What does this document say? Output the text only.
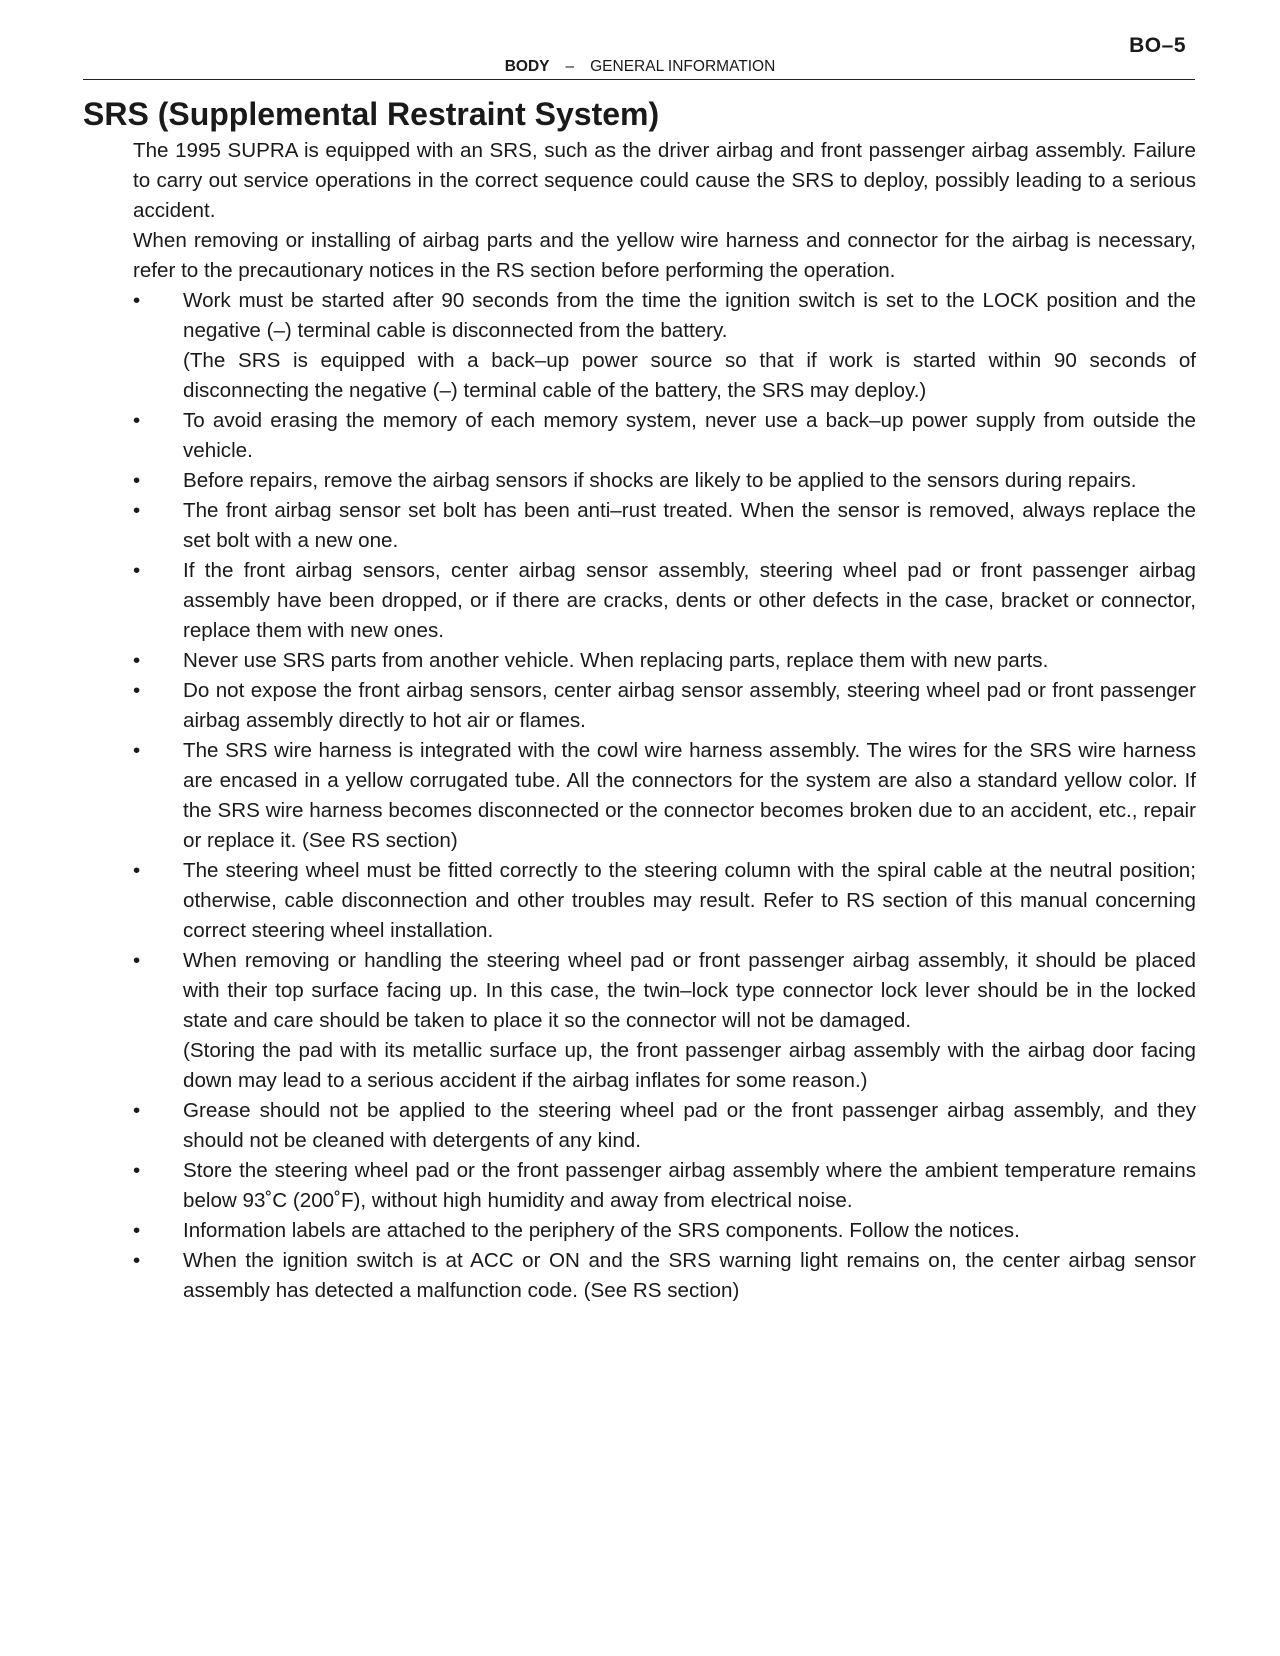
BO–5
BODY – GENERAL INFORMATION
SRS (Supplemental Restraint System)

The 1995 SUPRA is equipped with an SRS, such as the driver airbag and front passenger airbag assembly. Failure to carry out service operations in the correct sequence could cause the SRS to deploy, possibly leading to a serious accident.

When removing or installing of airbag parts and the yellow wire harness and connector for the airbag is necessary, refer to the precautionary notices in the RS section before performing the operation.

•	Work must be started after 90 seconds from the time the ignition switch is set to the LOCK position and the negative (–) terminal cable is disconnected from the battery.
(The SRS is equipped with a back–up power source so that if work is started within 90 seconds of disconnecting the negative (–) terminal cable of the battery, the SRS may deploy.)
•	To avoid erasing the memory of each memory system, never use a back–up power supply from outside the vehicle.
•	Before repairs, remove the airbag sensors if shocks are likely to be applied to the sensors during repairs.
•	The front airbag sensor set bolt has been anti–rust treated. When the sensor is removed, always replace the set bolt with a new one.
•	If the front airbag sensors, center airbag sensor assembly, steering wheel pad or front passenger airbag assembly have been dropped, or if there are cracks, dents or other defects in the case, bracket or connector, replace them with new ones.
•	Never use SRS parts from another vehicle. When replacing parts, replace them with new parts.
•	Do not expose the front airbag sensors, center airbag sensor assembly, steering wheel pad or front passenger airbag assembly directly to hot air or flames.
•	The SRS wire harness is integrated with the cowl wire harness assembly. The wires for the SRS wire harness are encased in a yellow corrugated tube. All the connectors for the system are also a standard yellow color. If the SRS wire harness becomes disconnected or the connector becomes broken due to an accident, etc., repair or replace it. (See RS section)
•	The steering wheel must be fitted correctly to the steering column with the spiral cable at the neutral position; otherwise, cable disconnection and other troubles may result. Refer to RS section of this manual concerning correct steering wheel installation.
•	When removing or handling the steering wheel pad or front passenger airbag assembly, it should be placed with their top surface facing up. In this case, the twin–lock type connector lock lever should be in the locked state and care should be taken to place it so the connector will not be damaged.
(Storing the pad with its metallic surface up, the front passenger airbag assembly with the airbag door facing down may lead to a serious accident if the airbag inflates for some reason.)
•	Grease should not be applied to the steering wheel pad or the front passenger airbag assembly, and they should not be cleaned with detergents of any kind.
•	Store the steering wheel pad or the front passenger airbag assembly where the ambient temperature remains below 93˚C (200˚F), without high humidity and away from electrical noise.
•	Information labels are attached to the periphery of the SRS components. Follow the notices.
•	When the ignition switch is at ACC or ON and the SRS warning light remains on, the center airbag sensor assembly has detected a malfunction code. (See RS section)
